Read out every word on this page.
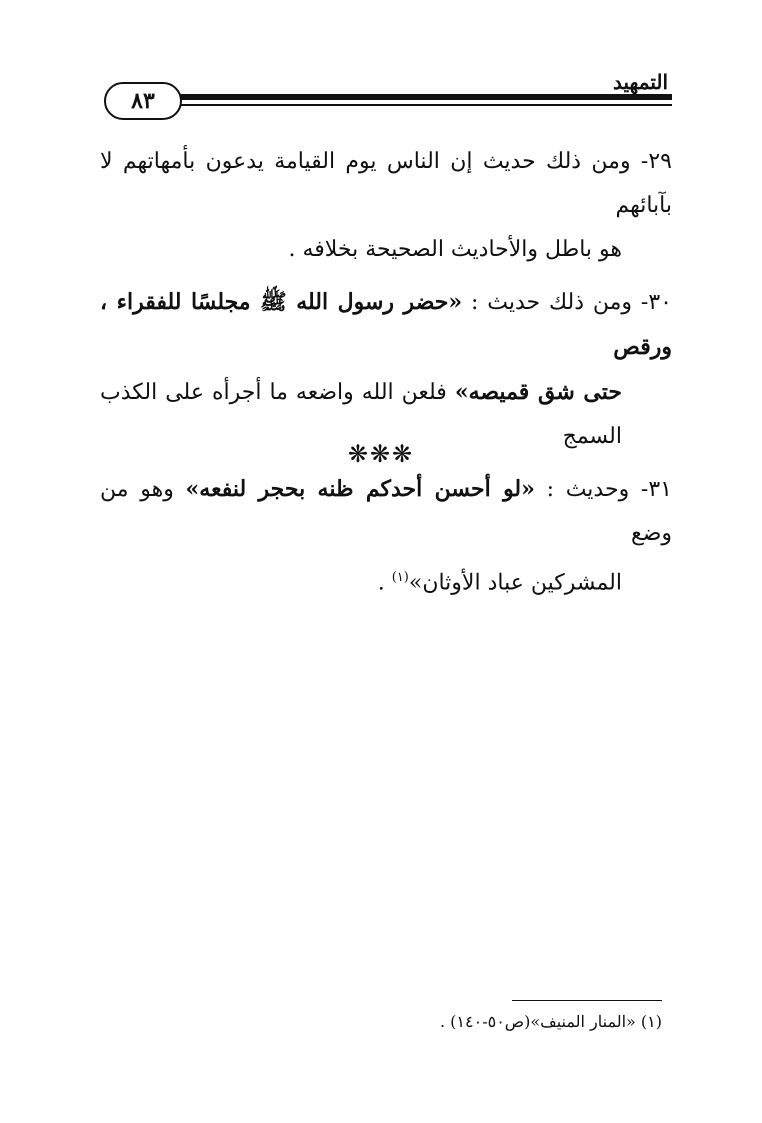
٨٣
التمهيد
٢٩- ومن ذلك حديث إن الناس يوم القيامة يدعون بأمهاتهم لا بآبائهم
هو باطل والأحاديث الصحيحة بخلافه .
٣٠- ومن ذلك حديث : «حضر رسول الله ﷺ مجلسًا للفقراء ، ورقص
حتى شق قميصه» فلعن الله واضعه ما أجرأه على الكذب السمج
٣١- وحديث : «لو أحسن أحدكم ظنه بحجر لنفعه» وهو من وضع
المشركين عباد الأوثان»$^{(١)}$ .
❋❋❋
(١) «المنار المنيف»(ص٥٠-١٤٠) .
